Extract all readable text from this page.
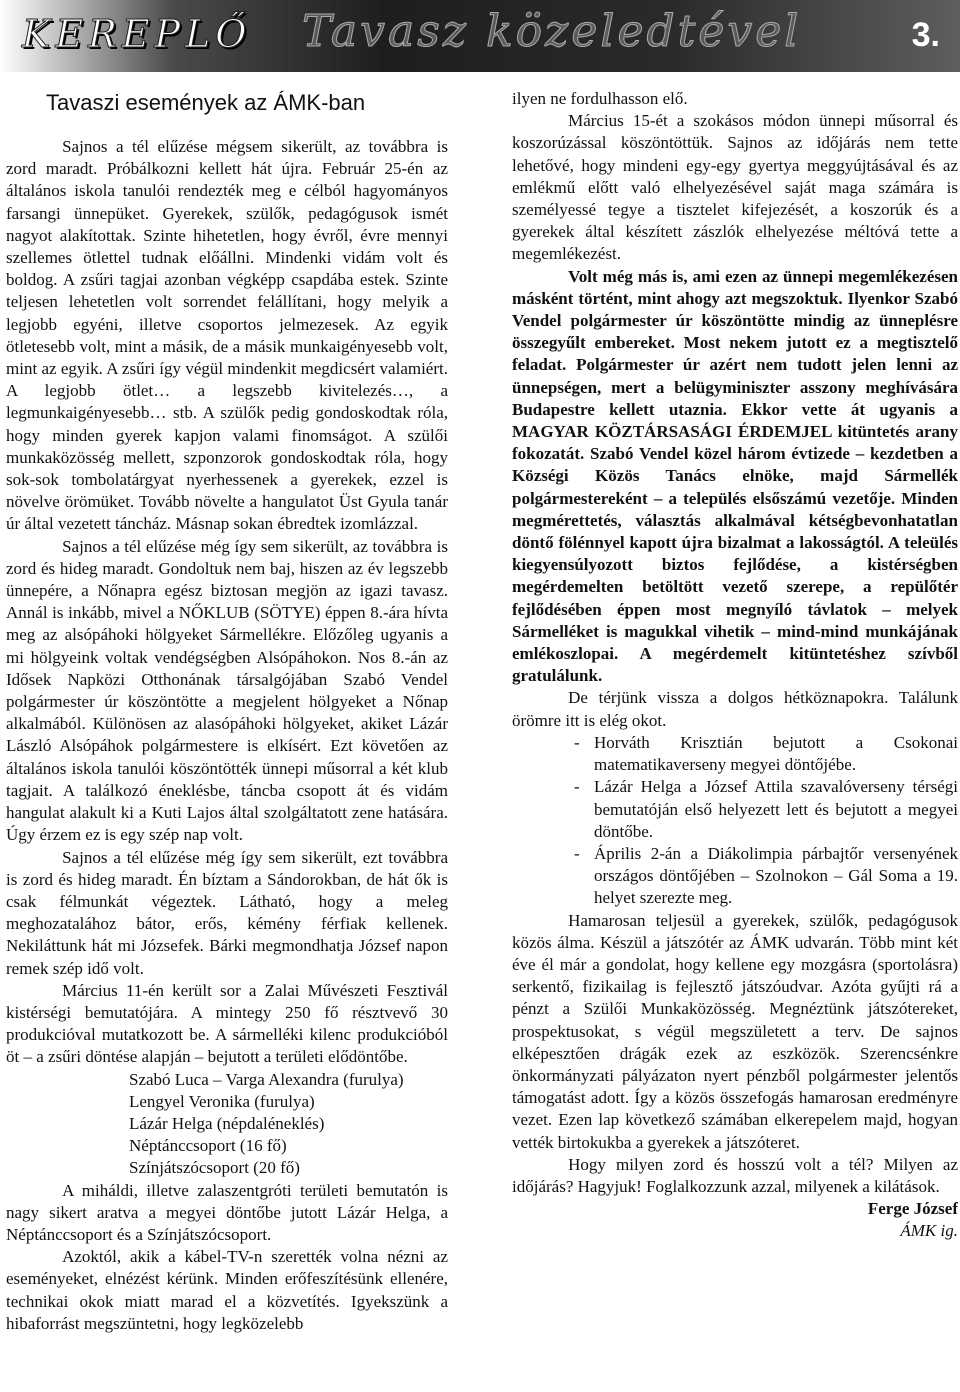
KEREPLŐ Tavasz közeledtével	3.
Tavaszi események az ÁMK-ban

Sajnos a tél elűzése mégsem sikerült, az továbbra is zord maradt. Próbálkozni kellett hát újra. Február 25-én az általános iskola tanulói rendezték meg e célból hagyományos farsangi ünnepüket. Gyerekek, szülők, pedagógusok ismét nagyot alakítottak. Szinte hihetetlen, hogy évről, évre mennyi szellemes ötlettel tudnak előállni. Mindenki vidám volt és boldog. A zsűri tagjai azonban végképp csapdába estek. Szinte teljesen lehetetlen volt sorrendet felállítani, hogy melyik a legjobb egyéni, illetve csoportos jelmezesek. Az egyik ötletesebb volt, mint a másik, de a másik munkaigényesebb volt, mint az egyik. A zsűri így végül mindenkit megdicsért valamiért. A legjobb ötlet… a legszebb kivitelezés…, a legmunkaigényesebb… stb. A szülők pedig gondoskodtak róla, hogy minden gyerek kapjon valami finomságot. A szülői munkaközösség mellett, szponzorok gondoskodtak róla, hogy sok-sok tombolatárgyat nyerhessenek a gyerekek, ezzel is növelve örömüket. Tovább növelte a hangulatot Üst Gyula tanár úr által vezetett táncház. Másnap sokan ébredtek izomlázzal.

Sajnos a tél elűzése még így sem sikerült, az továbbra is zord és hideg maradt. Gondoltuk nem baj, hiszen az év legszebb ünnepére, a Nőnapra egész biztosan megjön az igazi tavasz. Annál is inkább, mivel a NŐKLUB (SÖTYE) éppen 8.-ára hívta meg az alsópáhoki hölgyeket Sármellékre. Előzőleg ugyanis a mi hölgyeink voltak vendégségben Alsópáhokon. Nos 8.-án az Idősek Napközi Otthonának társalgójában Szabó Vendel polgármester úr köszöntötte a megjelent hölgyeket a Nőnap alkalmából. Különösen az alasópáhoki hölgyeket, akiket Lázár László Alsópáhok polgármestere is elkísért. Ezt követően az általános iskola tanulói köszöntötték ünnepi műsorral a két klub tagjait. A találkozó éneklésbe, táncba csopott át és vidám hangulat alakult ki a Kuti Lajos által szolgáltatott zene hatására. Úgy érzem ez is egy szép nap volt.

Sajnos a tél elűzése még így sem sikerült, ezt továbbra is zord és hideg maradt. Én bíztam a Sándorokban, de hát ők is csak félmunkát végeztek. Látható, hogy a meleg meghozatalához bátor, erős, kémény férfiak kellenek. Nekiláttunk hát mi Józsefek. Bárki megmondhatja József napon remek szép idő volt.

Március 11-én került sor a Zalai Művészeti Fesztivál kistérségi bemutatójára. A mintegy 250 fő résztvevő 30 produkcióval mutatkozott be. A sármelléki kilenc produkcióból öt – a zsűri döntése alapján – bejutott a területi elődöntőbe.

Szabó Luca – Varga Alexandra (furulya)
Lengyel Veronika (furulya)
Lázár Helga (népdaléneklés)
Néptánccsoport (16 fő)
Színjátszócsoport (20 fő)

A miháldi, illetve zalaszentgróti területi bemutatón is nagy sikert aratva a megyei döntőbe jutott Lázár Helga, a Néptánccsoport és a Színjátszócsoport.

Azoktól, akik a kábel-TV-n szerették volna nézni az eseményeket, elnézést kérünk. Minden erőfeszítésünk ellenére, technikai okok miatt marad el a közvetítés. Igyekszünk a hibaforrást megszüntetni, hogy legközelebb

ilyen ne fordulhasson elő.

Március 15-ét a szokásos módon ünnepi műsorral és koszorúzással köszöntöttük. Sajnos az időjárás nem tette lehetővé, hogy mindeni egy-egy gyertya meggyújtásával és az emlékmű előtt való elhelyezésével saját maga számára is személyessé tegye a tisztelet kifejezését, a koszorúk és a gyerekek által készített zászlók elhelyezése méltóvá tette a megemlékezést.

Volt még más is, ami ezen az ünnepi megemlékezésen másként történt, mint ahogy azt megszoktuk. Ilyenkor Szabó Vendel polgármester úr köszöntötte mindig az ünneplésre összegyűlt embereket. Most nekem jutott ez a megtisztelő feladat. Polgármester úr azért nem tudott jelen lenni az ünnepségen, mert a belügyminiszter asszony meghívására Budapestre kellett utaznia. Ekkor vette át ugyanis a MAGYAR KÖZTÁRSASÁGI ÉRDEMJEL kitüntetés arany fokozatát. Szabó Vendel közel három évtizede – kezdetben a Községi Közös Tanács elnöke, majd Sármellék polgármestereként – a település elsőszámú vezetője. Minden megmérettetés, választás alkalmával kétségbevonhatatlan döntő fölénnyel kapott újra bizalmat a lakosságtól. A teleülés kiegyensúlyozott biztos fejlődése, a kistérségben megérdemelten betöltött vezető szerepe, a repülőtér fejlődésében éppen most megnyíló távlatok – melyek Sármelléket is magukkal vihetik – mind-mind munkájának emlékoszlopai. A megérdemelt kitüntetéshez szívből gratulálunk.

De térjünk vissza a dolgos hétköznapokra. Találunk örömre itt is elég okot.

- Horváth Krisztián bejutott a Csokonai matematikaverseny megyei döntőjébe.
- Lázár Helga a József Attila szavalóverseny térségi bemutatóján első helyezett lett és bejutott a megyei döntőbe.
- Április 2-án a Diákolimpia párbajtőr versenyének országos döntőjében – Szolnokon – Gál Soma a 19. helyet szerezte meg.

Hamarosan teljesül a gyerekek, szülők, pedagógusok közös álma. Készül a játszótér az ÁMK udvarán. Több mint két éve él már a gondolat, hogy kellene egy mozgásra (sportolásra) serkentő, fizikailag is fejlesztő játszóudvar. Azóta gyűjti rá a pénzt a Szülői Munkaközösség. Megnéztünk játszótereket, prospektusokat, s végül megszületett a terv. De sajnos elképesztően drágák ezek az eszközök. Szerencsénkre önkormányzati pályázaton nyert pénzből polgármester jelentős támogatást adott. Így a közös összefogás hamarosan eredményre vezet. Ezen lap következő számában elkerepelem majd, hogyan vették birtokukba a gyerekek a játszóteret.

Hogy milyen zord és hosszú volt a tél? Milyen az időjárás? Hagyjuk! Foglalkozzunk azzal, milyenek a kilátások.

Ferge József
ÁMK ig.
